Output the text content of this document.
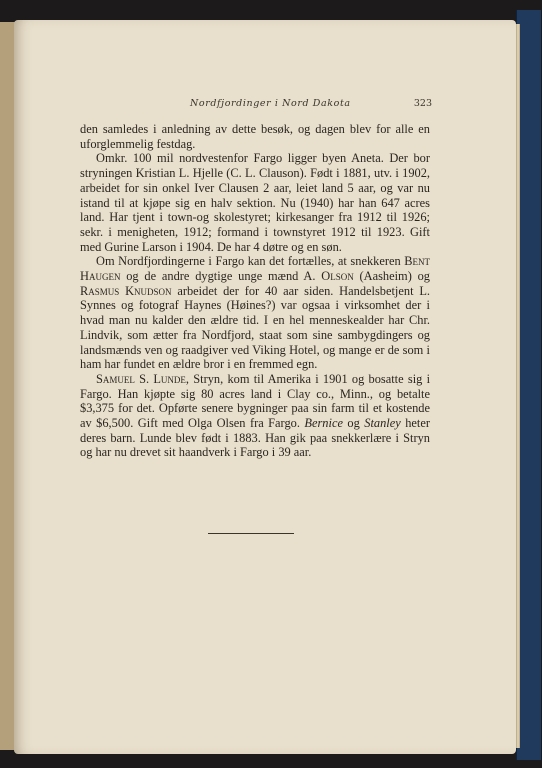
Nordfjordinger i Nord Dakota	323

den samledes i anledning av dette besøk, og dagen blev for alle en uforglemmelig festdag.

Omkr. 100 mil nordvestenfor Fargo ligger byen Aneta. Der bor stryningen Kristian L. Hjelle (C. L. Clauson). Født i 1881, utv. i 1902, arbeidet for sin onkel Iver Clausen 2 aar, leiet land 5 aar, og var nu istand til at kjøpe sig en halv sektion. Nu (1940) har han 647 acres land. Har tjent i town-og skolestyret; kirkesanger fra 1912 til 1926; sekr. i menigheten, 1912; formand i townstyret 1912 til 1923. Gift med Gurine Larson i 1904. De har 4 døtre og en søn.

Om Nordfjordingerne i Fargo kan det fortælles, at snekkeren Bent Haugen og de andre dygtige unge mænd A. Olson (Aasheim) og Rasmus Knudson arbeidet der for 40 aar siden. Handelsbetjent L. Synnes og fotograf Haynes (Høines?) var ogsaa i virksomhet der i hvad man nu kalder den ældre tid. I en hel menneskealder har Chr. Lindvik, som ætter fra Nordfjord, staat som sine sambygdingers og landsmænds ven og raadgiver ved Viking Hotel, og mange er de som i ham har fundet en ældre bror i en fremmed egn.

Samuel S. Lunde, Stryn, kom til Amerika i 1901 og bosatte sig i Fargo. Han kjøpte sig 80 acres land i Clay co., Minn., og betalte $3,375 for det. Opførte senere bygninger paa sin farm til et kostende av $6,500. Gift med Olga Olsen fra Fargo. Bernice og Stanley heter deres barn. Lunde blev født i 1883. Han gik paa snekkerlære i Stryn og har nu drevet sit haandverk i Fargo i 39 aar.
